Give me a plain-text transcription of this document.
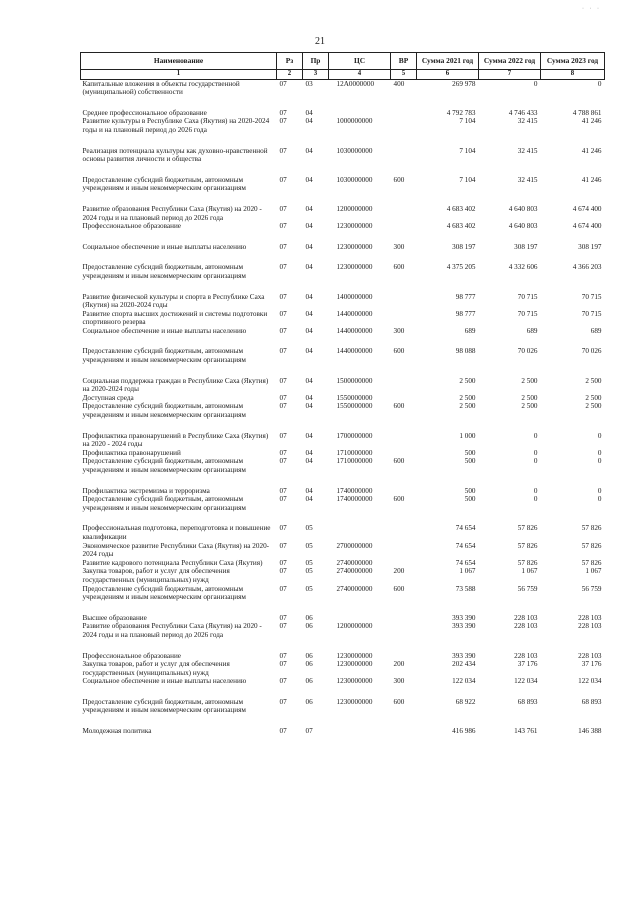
· · ·
21
Наименование	Рз	Пр	ЦС	ВР	Сумма 2021 год	Сумма 2022 год	Сумма 2023 год
1	2	3	4	5	6	7	8
Капитальные вложения в объекты государственной (муниципальной) собственности	07	03	12А0000000	400	269 978	0	0

Среднее профессиональное образование	07	04			4 792 783	4 746 433	4 788 861
Развитие культуры в Республике Саха (Якутия) на 2020-2024 годы и на плановый период до 2026 года	07	04	1000000000		7 104	32 415	41 246

Реализация потенциала культуры как духовно-нравственной основы развития личности и общества	07	04	1030000000		7 104	32 415	41 246

Предоставление субсидий бюджетным, автономным учреждениям и иным некоммерческим организациям	07	04	1030000000	600	7 104	32 415	41 246

Развитие образования Республики Саха (Якутия) на 2020 - 2024 годы и на плановый период до 2026 года	07	04	1200000000		4 683 402	4 640 803	4 674 400
Профессиональное образование	07	04	1230000000		4 683 402	4 640 803	4 674 400

Социальное обеспечение и иные выплаты населению	07	04	1230000000	300	308 197	308 197	308 197

Предоставление субсидий бюджетным, автономным учреждениям и иным некоммерческим организациям	07	04	1230000000	600	4 375 205	4 332 606	4 366 203

Развитие физической культуры и спорта в Республике Саха (Якутия) на 2020-2024 годы	07	04	1400000000		98 777	70 715	70 715
Развитие спорта высших достижений и системы подготовки спортивного резерва	07	04	1440000000		98 777	70 715	70 715
Социальное обеспечение и иные выплаты населению	07	04	1440000000	300	689	689	689

Предоставление субсидий бюджетным, автономным учреждениям и иным некоммерческим организациям	07	04	1440000000	600	98 088	70 026	70 026

Социальная поддержка граждан в Республике Саха (Якутия) на 2020-2024 годы	07	04	1500000000		2 500	2 500	2 500
Доступная среда	07	04	1550000000		2 500	2 500	2 500
Предоставление субсидий бюджетным, автономным учреждениям и иным некоммерческим организациям	07	04	1550000000	600	2 500	2 500	2 500

Профилактика правонарушений в Республике Саха (Якутия) на 2020 - 2024 годы	07	04	1700000000		1 000	0	0
Профилактика правонарушений	07	04	1710000000		500	0	0
Предоставление субсидий бюджетным, автономным учреждениям и иным некоммерческим организациям	07	04	1710000000	600	500	0	0

Профилактика экстремизма и терроризма	07	04	1740000000		500	0	0
Предоставление субсидий бюджетным, автономным учреждениям и иным некоммерческим организациям	07	04	1740000000	600	500	0	0

Профессиональная подготовка, переподготовка и повышение квалификации	07	05			74 654	57 826	57 826
Экономическое развитие Республики Саха (Якутия) на 2020-2024 годы	07	05	2700000000		74 654	57 826	57 826
Развитие кадрового потенциала Республики Саха (Якутия)	07	05	2740000000		74 654	57 826	57 826
Закупка товаров, работ и услуг для обеспечения государственных (муниципальных) нужд	07	05	2740000000	200	1 067	1 067	1 067
Предоставление субсидий бюджетным, автономным учреждениям и иным некоммерческим организациям	07	05	2740000000	600	73 588	56 759	56 759

Высшее образование	07	06			393 390	228 103	228 103
Развитие образования Республики Саха (Якутия) на 2020 - 2024 годы и на плановый период до 2026 года	07	06	1200000000		393 390	228 103	228 103

Профессиональное образование	07	06	1230000000		393 390	228 103	228 103
Закупка товаров, работ и услуг для обеспечения государственных (муниципальных) нужд	07	06	1230000000	200	202 434	37 176	37 176
Социальное обеспечение и иные выплаты населению	07	06	1230000000	300	122 034	122 034	122 034

Предоставление субсидий бюджетным, автономным учреждениям и иным некоммерческим организациям	07	06	1230000000	600	68 922	68 893	68 893

Молодежная политика	07	07			416 986	143 761	146 388
